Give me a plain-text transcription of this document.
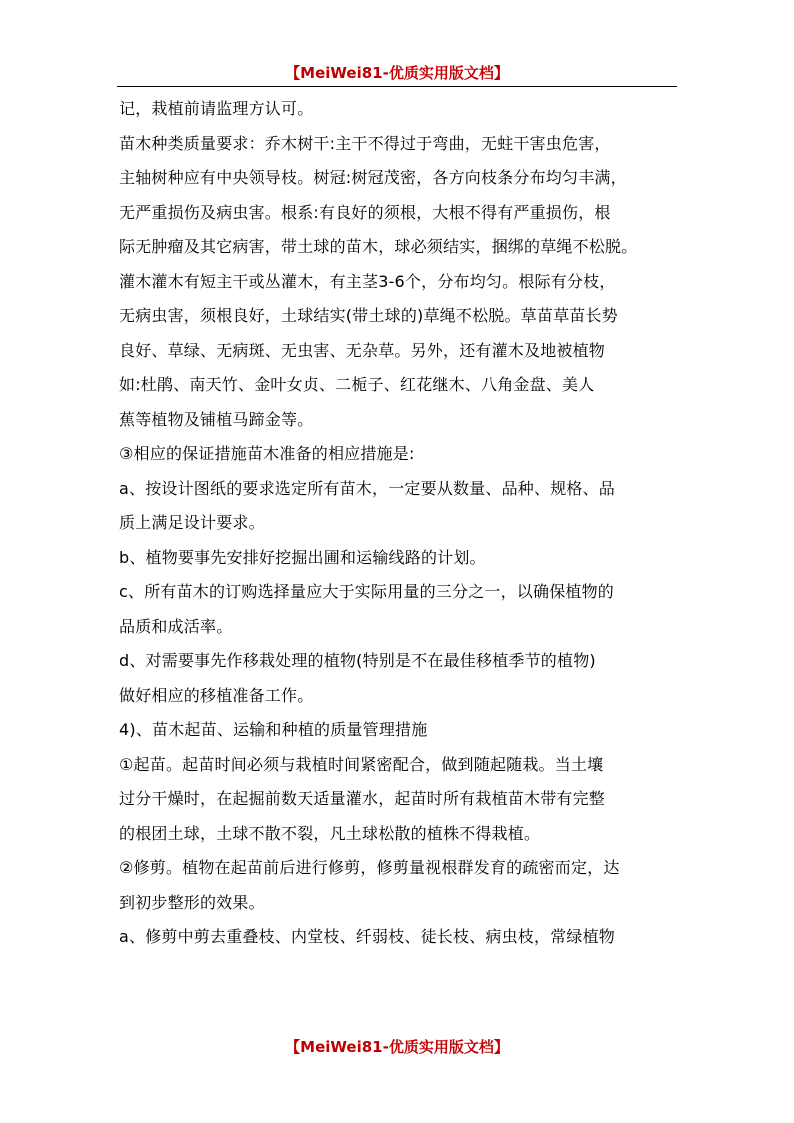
【MeiWei81-优质实用版文档】
记，栽植前请监理方认可。
苗木种类质量要求：乔木树干:主干不得过于弯曲，无蛀干害虫危害，
主轴树种应有中央领导枝。树冠:树冠茂密，各方向枝条分布均匀丰满，
无严重损伤及病虫害。根系:有良好的须根，大根不得有严重损伤，根
际无肿瘤及其它病害，带土球的苗木，球必须结实，捆绑的草绳不松脱。
灌木灌木有短主干或丛灌木，有主茎3-6个，分布均匀。根际有分枝，
无病虫害，须根良好，土球结实(带土球的)草绳不松脱。草苗草苗长势
良好、草绿、无病斑、无虫害、无杂草。另外，还有灌木及地被植物
如:杜鹃、南天竹、金叶女贞、二栀子、红花继木、八角金盘、美人
蕉等植物及铺植马蹄金等。
③相应的保证措施苗木准备的相应措施是:
a、按设计图纸的要求选定所有苗木，一定要从数量、品种、规格、品
质上满足设计要求。
b、植物要事先安排好挖掘出圃和运输线路的计划。
c、所有苗木的订购选择量应大于实际用量的三分之一，以确保植物的
品质和成活率。
d、对需要事先作移栽处理的植物(特别是不在最佳移植季节的植物)
做好相应的移植准备工作。
4)、苗木起苗、运输和种植的质量管理措施
①起苗。起苗时间必须与栽植时间紧密配合，做到随起随栽。当土壤
过分干燥时，在起掘前数天适量灌水，起苗时所有栽植苗木带有完整
的根团土球，土球不散不裂，凡土球松散的植株不得栽植。
②修剪。植物在起苗前后进行修剪，修剪量视根群发育的疏密而定，达
到初步整形的效果。
a、修剪中剪去重叠枝、内堂枝、纤弱枝、徒长枝、病虫枝，常绿植物
【MeiWei81-优质实用版文档】
